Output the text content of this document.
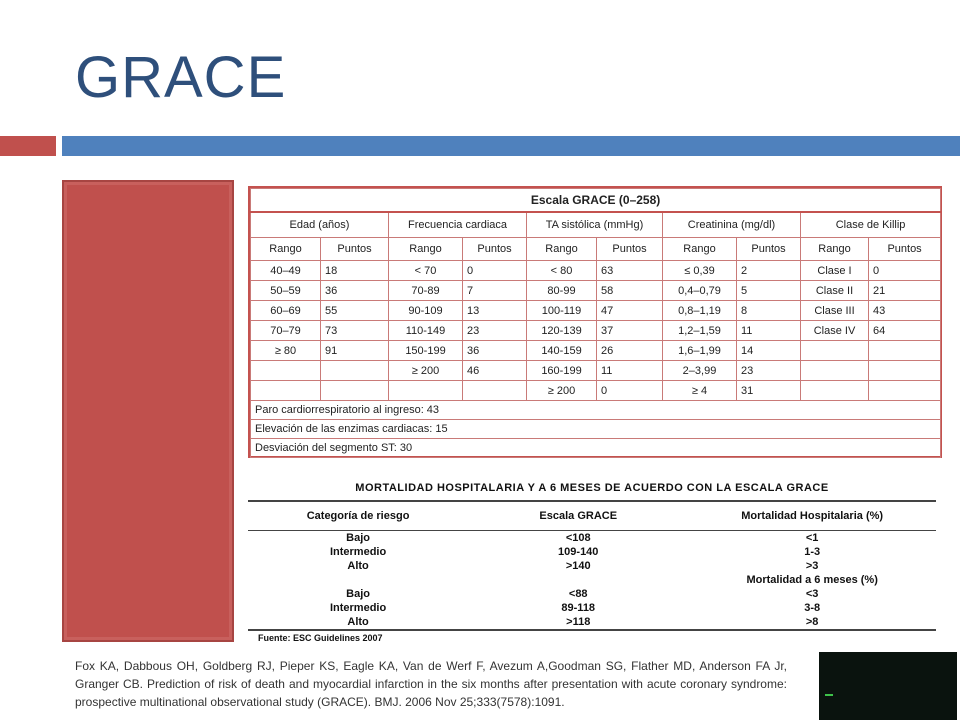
GRACE
Escala GRACE (0–258)									
Edad (años)		Frecuencia cardiaca		TA sistólica (mmHg)		Creatinina (mg/dl)		Clase de Killip	
Rango	Puntos	Rango	Puntos	Rango	Puntos	Rango	Puntos	Rango	Puntos
40–49	18	< 70	0	< 80	63	≤ 0,39	2	Clase I	0
50–59	36	70-89	7	80-99	58	0,4–0,79	5	Clase II	21
60–69	55	90-109	13	100-119	47	0,8–1,19	8	Clase III	43
70–79	73	110-149	23	120-139	37	1,2–1,59	11	Clase IV	64
≥ 80	91	150-199	36	140-159	26	1,6–1,99	14		
		≥ 200	46	160-199	11	2–3,99	23		
				≥ 200	0	≥ 4	31		
Paro cardiorrespiratorio al ingreso: 43									
Elevación de las enzimas cardiacas: 15									
Desviación del segmento ST: 30									
MORTALIDAD HOSPITALARIA Y A 6 MESES DE ACUERDO CON LA ESCALA GRACE
Categoría de riesgo	Escala GRACE	Mortalidad Hospitalaria (%)
Bajo	<108	<1
Intermedio	109-140	1-3
Alto	>140	>3
		Mortalidad a 6 meses (%)
Bajo	<88	<3
Intermedio	89-118	3-8
Alto	>118	>8
Fuente: ESC Guidelines 2007
Fox KA, Dabbous OH, Goldberg RJ, Pieper KS, Eagle KA, Van de Werf F, Avezum A,Goodman SG, Flather MD, Anderson FA Jr, Granger CB. Prediction of risk of death and myocardial infarction in the six months after presentation with acute coronary syndrome: prospective multinational observational study (GRACE). BMJ. 2006 Nov 25;333(7578):1091.
